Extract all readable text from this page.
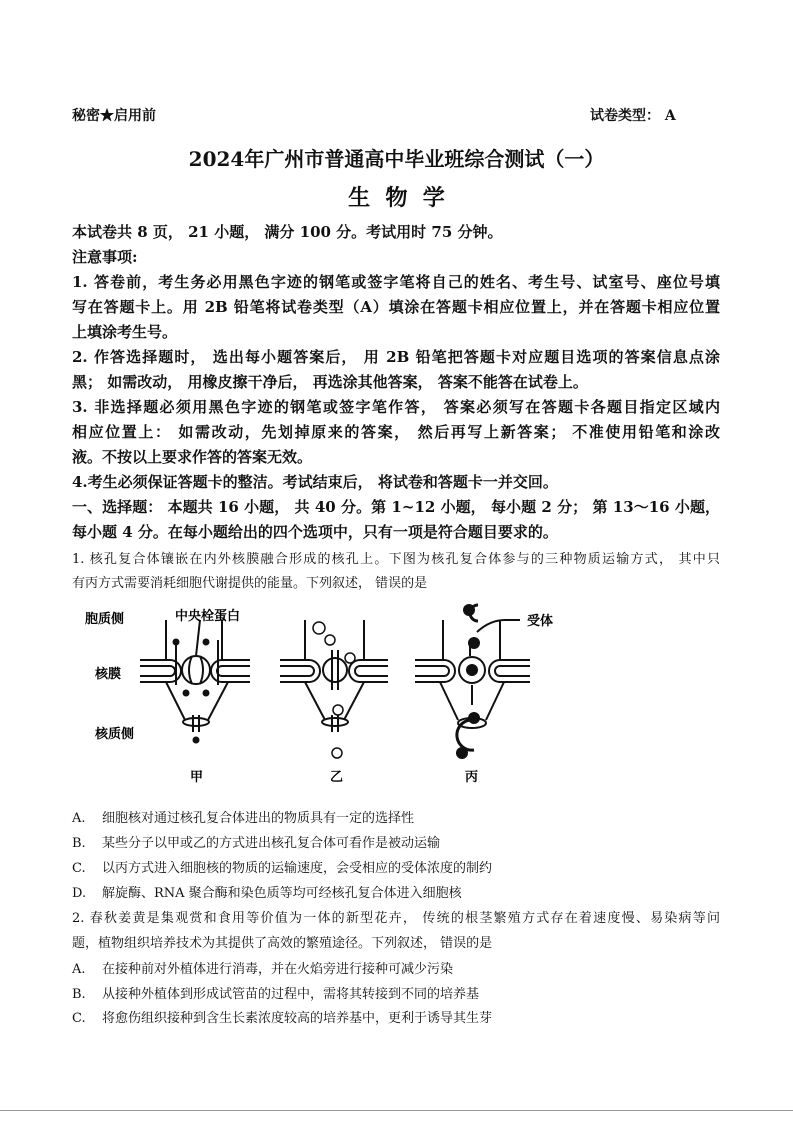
秘密★启用前	试卷类型： A
2024年广州市普通高中毕业班综合测试（一）
生  物  学
本试卷共 8 页， 21 小题， 满分 100 分。考试用时 75 分钟。
注意事项:
1. 答卷前，考生务必用黑色字迹的钢笔或签字笔将自己的姓名、考生号、试室号、座位号填
写在答题卡上。用 2B 铅笔将试卷类型（A）填涂在答题卡相应位置上，并在答题卡相应位置
上填涂考生号。
2. 作答选择题时， 选出每小题答案后， 用 2B 铅笔把答题卡对应题目选项的答案信息点涂
黑； 如需改动， 用橡皮擦干净后， 再选涂其他答案， 答案不能答在试卷上。
3. 非选择题必须用黑色字迹的钢笔或签字笔作答， 答案必须写在答题卡各题目指定区域内
相应位置上： 如需改动，先划掉原来的答案， 然后再写上新答案； 不准使用铅笔和涂改
液。不按以上要求作答的答案无效。
4.考生必须保证答题卡的整洁。考试结束后， 将试卷和答题卡一并交回。
一、选择题： 本题共 16 小题， 共 40 分。第 1~12 小题， 每小题 2 分； 第 13～16 小题，
每小题 4 分。在每小题给出的四个选项中，只有一项是符合题目要求的。
1. 核孔复合体镶嵌在内外核膜融合形成的核孔上。下图为核孔复合体参与的三种物质运输方式， 其中只
有丙方式需要消耗细胞代谢提供的能量。下列叙述， 错误的是
胞质侧	中央栓蛋白
核膜
核质侧
受体
甲	乙	丙
A. 细胞核对通过核孔复合体进出的物质具有一定的选择性
B. 某些分子以甲或乙的方式进出核孔复合体可看作是被动运输
C. 以丙方式进入细胞核的物质的运输速度，会受相应的受体浓度的制约
D. 解旋酶、RNA 聚合酶和染色质等均可经核孔复合体进入细胞核
2. 春秋姜黄是集观赏和食用等价值为一体的新型花卉， 传统的根茎繁殖方式存在着速度慢、易染病等问
题，植物组织培养技术为其提供了高效的繁殖途径。下列叙述， 错误的是
A. 在接种前对外植体进行消毒，并在火焰旁进行接种可减少污染
B. 从接种外植体到形成试管苗的过程中，需将其转接到不同的培养基
C. 将愈伤组织接种到含生长素浓度较高的培养基中，更利于诱导其生芽
